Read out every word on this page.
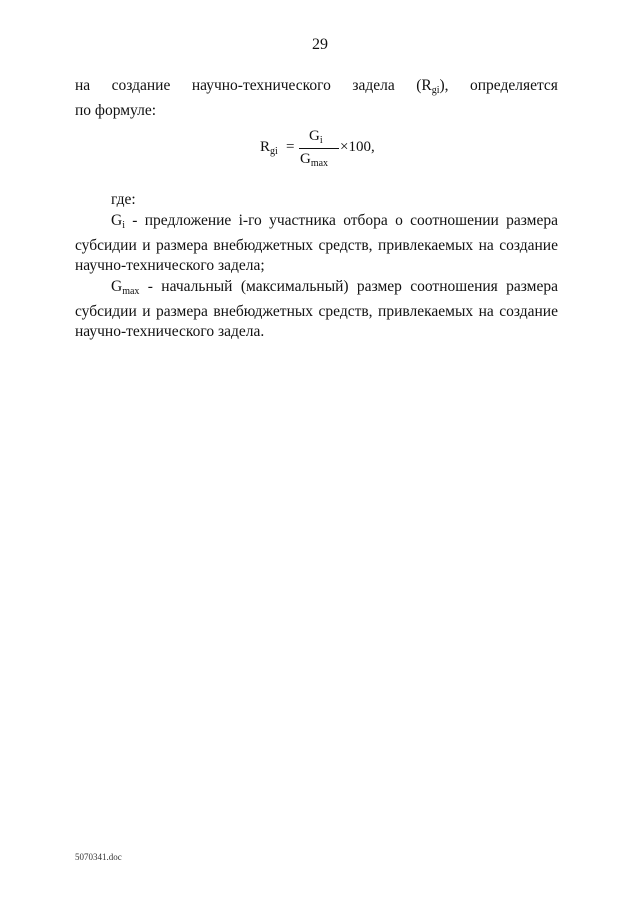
29
на создание научно-технического задела $(R_{gi})$, определяется
по формуле:
$R_{gi}$ =
$G_i$
$G_{max}$
×100,
где:
$G_i$ - предложение i-го участника отбора о соотношении размера субсидии и размера внебюджетных средств, привлекаемых на создание научно-технического задела;
$G_{max}$ - начальный (максимальный) размер соотношения размера субсидии и размера внебюджетных средств, привлекаемых на создание научно-технического задела.
5070341.doc
